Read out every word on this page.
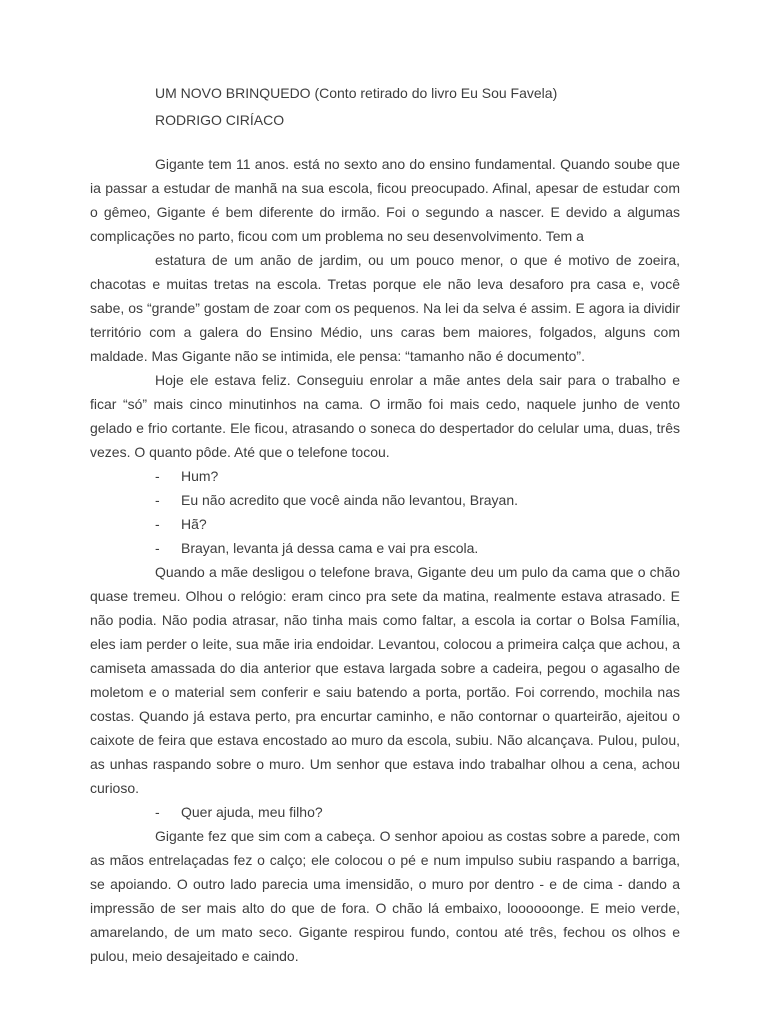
UM NOVO BRINQUEDO (Conto retirado do livro Eu Sou Favela)
RODRIGO CIRÍACO

Gigante tem 11 anos. está no sexto ano do ensino fundamental. Quando soube que ia passar a estudar de manhã na sua escola, ficou preocupado. Afinal, apesar de estudar com o gêmeo, Gigante é bem diferente do irmão. Foi o segundo a nascer. E devido a algumas complicações no parto, ficou com um problema no seu desenvolvimento. Tem a

estatura de um anão de jardim, ou um pouco menor, o que é motivo de zoeira, chacotas e muitas tretas na escola. Tretas porque ele não leva desaforo pra casa e, você sabe, os “grande” gostam de zoar com os pequenos. Na lei da selva é assim. E agora ia dividir território com a galera do Ensino Médio, uns caras bem maiores, folgados, alguns com maldade. Mas Gigante não se intimida, ele pensa: “tamanho não é documento”.

Hoje ele estava feliz. Conseguiu enrolar a mãe antes dela sair para o trabalho e ficar “só” mais cinco minutinhos na cama. O irmão foi mais cedo, naquele junho de vento gelado e frio cortante. Ele ficou, atrasando o soneca do despertador do celular uma, duas, três vezes. O quanto pôde. Até que o telefone tocou.

- Hum?

- Eu não acredito que você ainda não levantou, Brayan.

- Hã?

- Brayan, levanta já dessa cama e vai pra escola.

Quando a mãe desligou o telefone brava, Gigante deu um pulo da cama que o chão quase tremeu. Olhou o relógio: eram cinco pra sete da matina, realmente estava atrasado. E não podia. Não podia atrasar, não tinha mais como faltar, a escola ia cortar o Bolsa Família, eles iam perder o leite, sua mãe iria endoidar. Levantou, colocou a primeira calça que achou, a camiseta amassada do dia anterior que estava largada sobre a cadeira, pegou o agasalho de moletom e o material sem conferir e saiu batendo a porta, portão. Foi correndo, mochila nas costas. Quando já estava perto, pra encurtar caminho, e não contornar o quarteirão, ajeitou o caixote de feira que estava encostado ao muro da escola, subiu. Não alcançava. Pulou, pulou, as unhas raspando sobre o muro. Um senhor que estava indo trabalhar olhou a cena, achou curioso.

- Quer ajuda, meu filho?

Gigante fez que sim com a cabeça. O senhor apoiou as costas sobre a parede, com as mãos entrelaçadas fez o calço; ele colocou o pé e num impulso subiu raspando a barriga, se apoiando. O outro lado parecia uma imensidão, o muro por dentro - e de cima - dando a impressão de ser mais alto do que de fora. O chão lá embaixo, loooooonge. E meio verde, amarelando, de um mato seco. Gigante respirou fundo, contou até três, fechou os olhos e pulou, meio desajeitado e caindo.
